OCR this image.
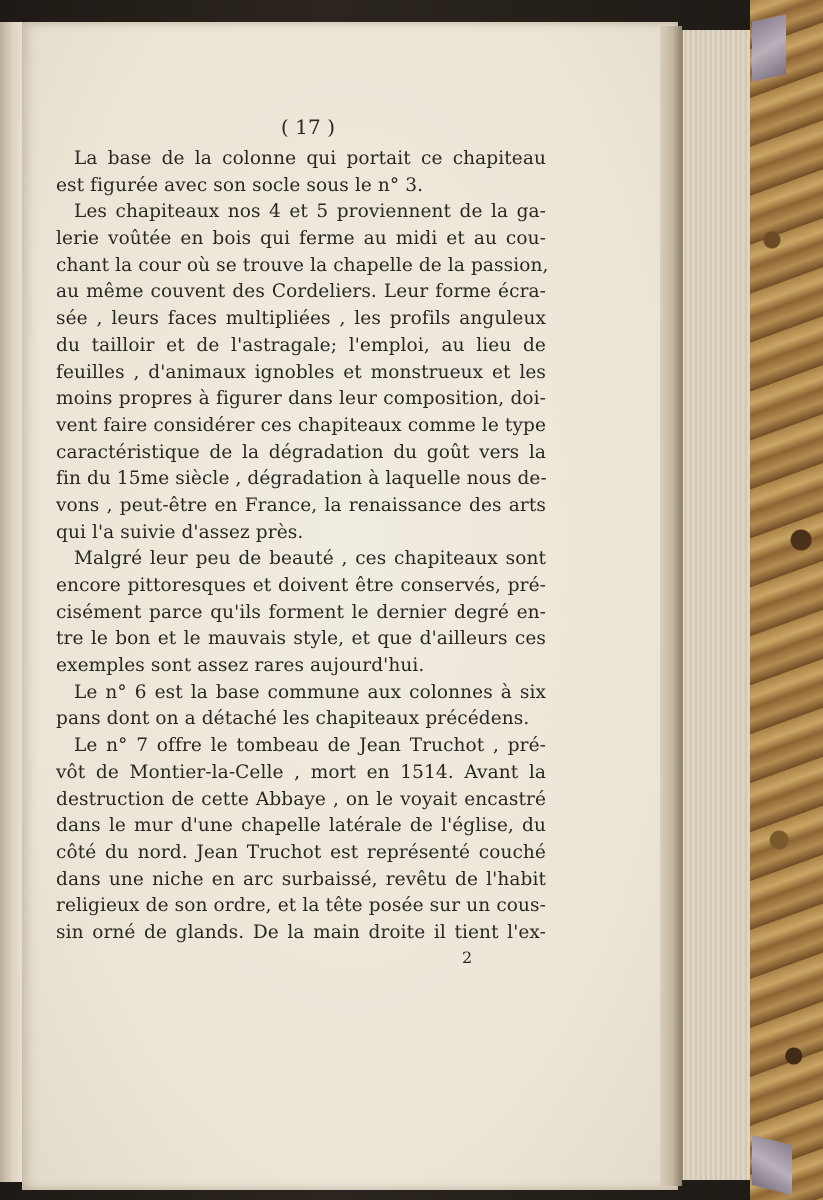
( 17 )
La base de la colonne qui portait ce chapiteau
est figurée avec son socle sous le n° 3.
Les chapiteaux nos 4 et 5 proviennent de la ga-
lerie voûtée en bois qui ferme au midi et au cou-
chant la cour où se trouve la chapelle de la passion,
au même couvent des Cordeliers. Leur forme écra-
sée , leurs faces multipliées , les profils anguleux
du tailloir et de l'astragale; l'emploi, au lieu de
feuilles , d'animaux ignobles et monstrueux et les
moins propres à figurer dans leur composition, doi-
vent faire considérer ces chapiteaux comme le type
caractéristique de la dégradation du goût vers la
fin du 15me siècle , dégradation à laquelle nous de-
vons , peut-être en France, la renaissance des arts
qui l'a suivie d'assez près.
Malgré leur peu de beauté , ces chapiteaux sont
encore pittoresques et doivent être conservés, pré-
cisément parce qu'ils forment le dernier degré en-
tre le bon et le mauvais style, et que d'ailleurs ces
exemples sont assez rares aujourd'hui.
Le n° 6 est la base commune aux colonnes à six
pans dont on a détaché les chapiteaux précédens.
Le n° 7 offre le tombeau de Jean Truchot , pré-
vôt de Montier-la-Celle , mort en 1514. Avant la
destruction de cette Abbaye , on le voyait encastré
dans le mur d'une chapelle latérale de l'église, du
côté du nord. Jean Truchot est représenté couché
dans une niche en arc surbaissé, revêtu de l'habit
religieux de son ordre, et la tête posée sur un cous-
sin orné de glands. De la main droite il tient l'ex-
2
